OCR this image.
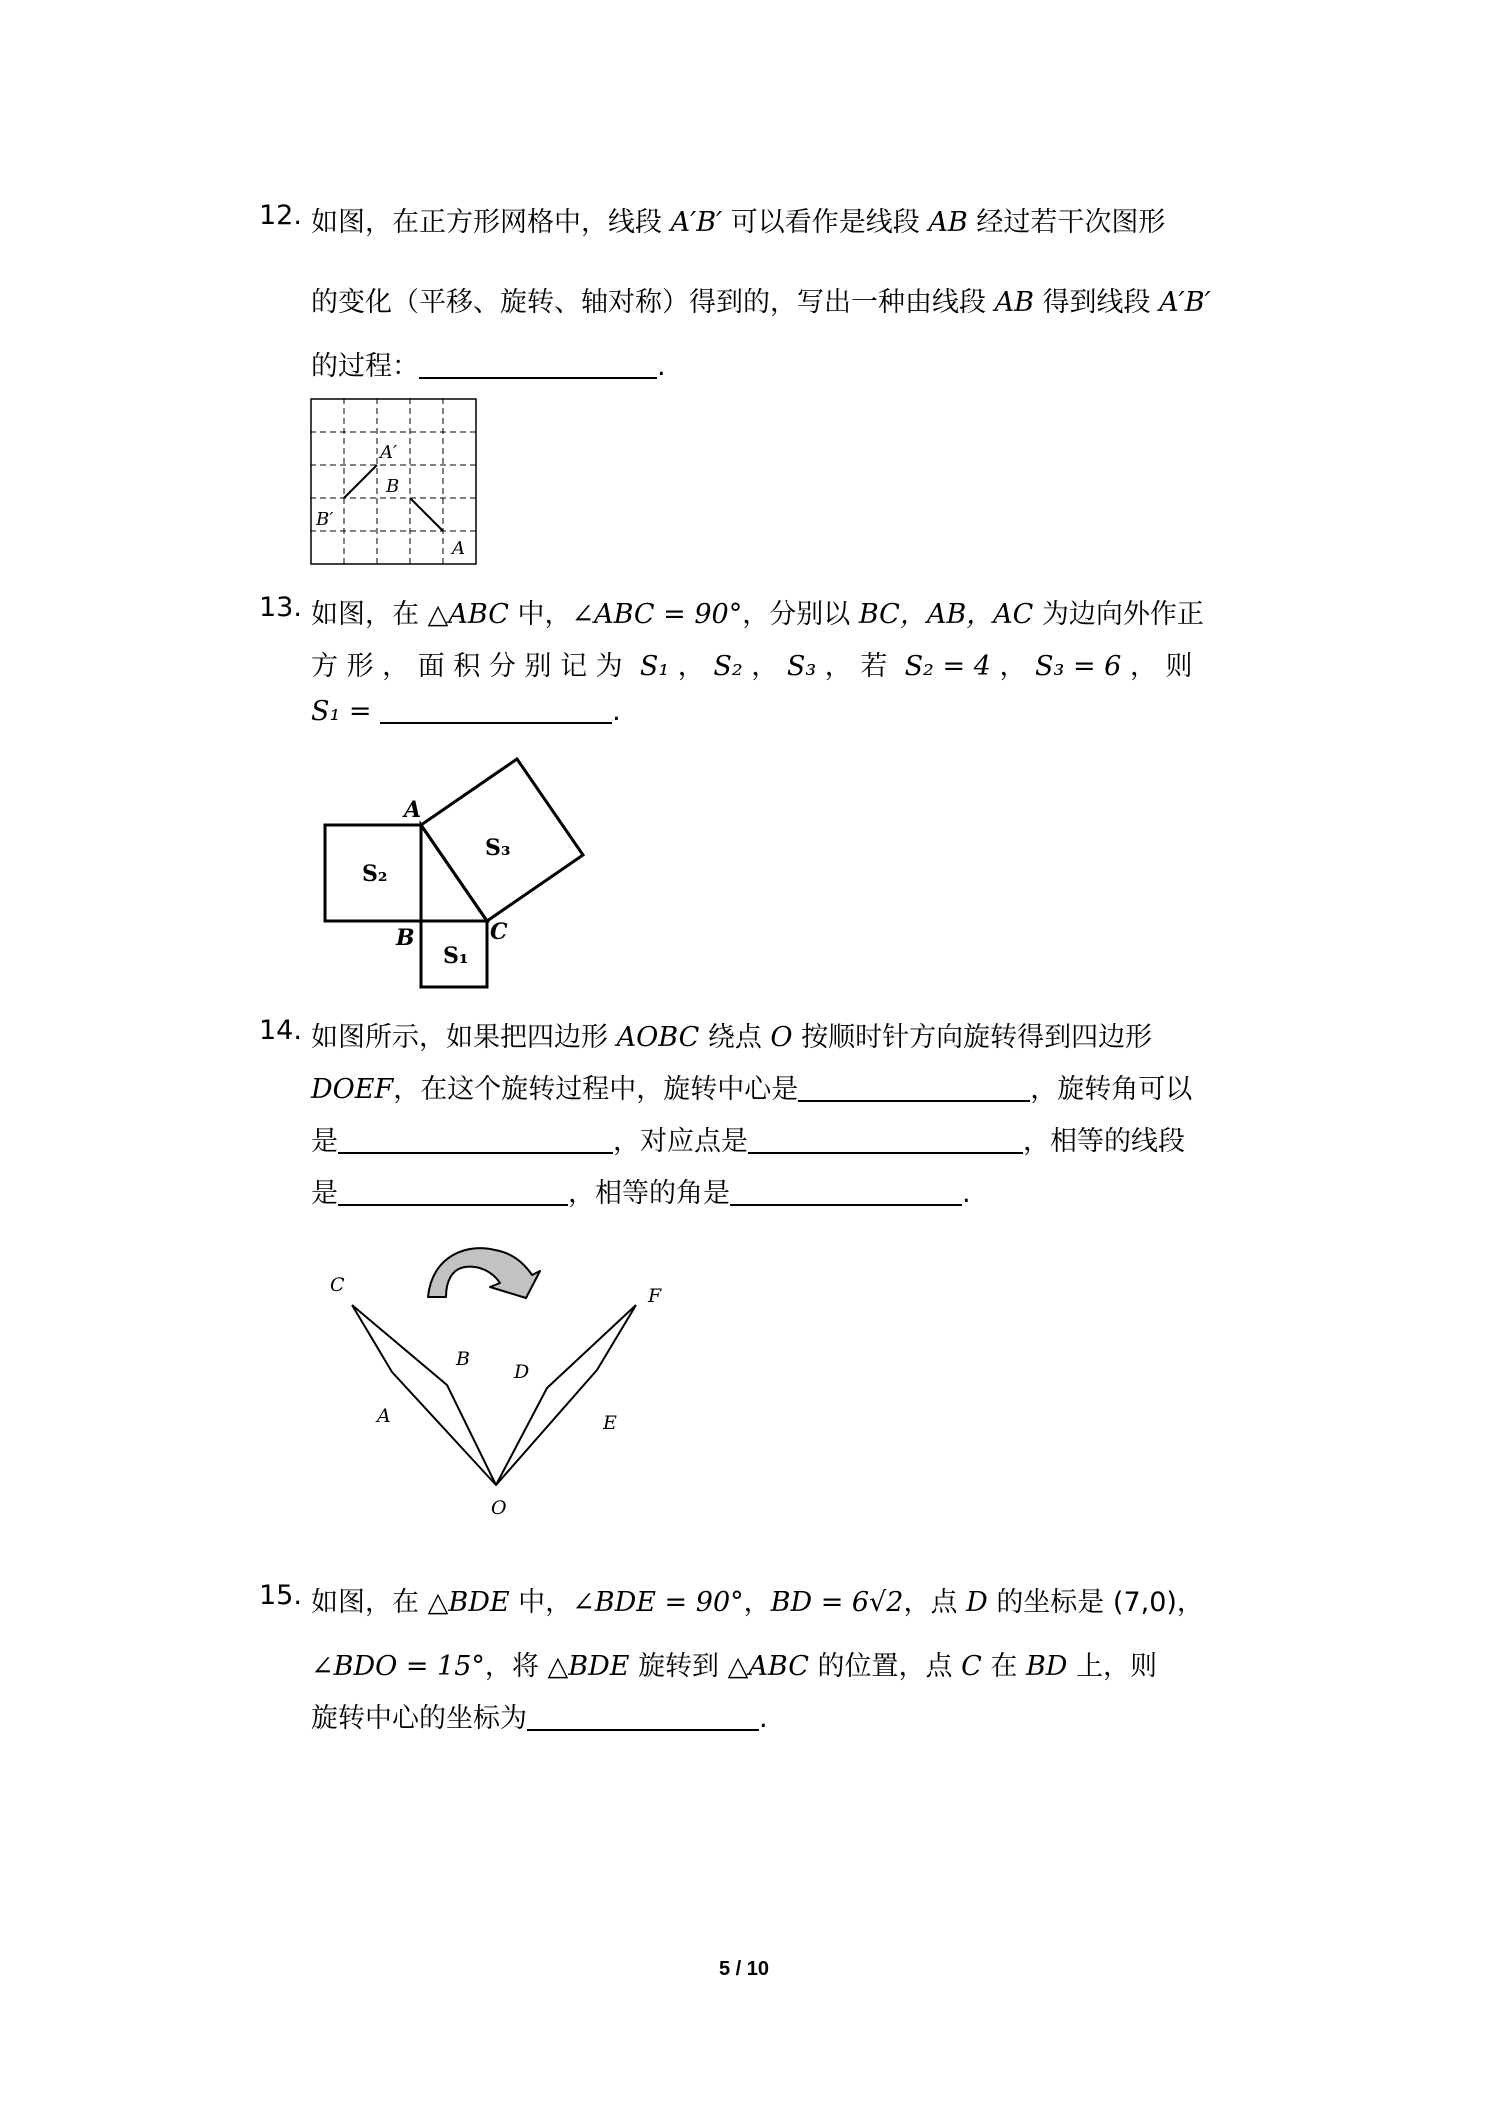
12. 如图，在正方形网格中，线段 A′B′ 可以看作是线段 AB 经过若干次图形
的变化（平移、旋转、轴对称）得到的，写出一种由线段 AB 得到线段 A′B′
的过程：	.
A′
B
B′
A
13. 如图，在 △ABC 中，∠ABC = 90°，分别以 BC，AB，AC 为边向外作正
方 形 ， 面 积 分 别 记 为 S₁ ， S₂ ， S₃ ， 若 S₂ = 4 ， S₃ = 6 ， 则
S₁ =	.
A
B	C
S₂
S₃
S₁
14. 如图所示，如果把四边形 AOBC 绕点 O 按顺时针方向旋转得到四边形
DOEF，在这个旋转过程中，旋转中心是	，旋转角可以
是	，对应点是	，相等的线段
是	，相等的角是	.
C
B
A
O
D
E
F
15. 如图，在 △BDE 中，∠BDE = 90°，BD = 6√2，点 D 的坐标是 (7,0)，
∠BDO = 15°，将 △BDE 旋转到 △ABC 的位置，点 C 在 BD 上，则
旋转中心的坐标为	.
5 / 10
